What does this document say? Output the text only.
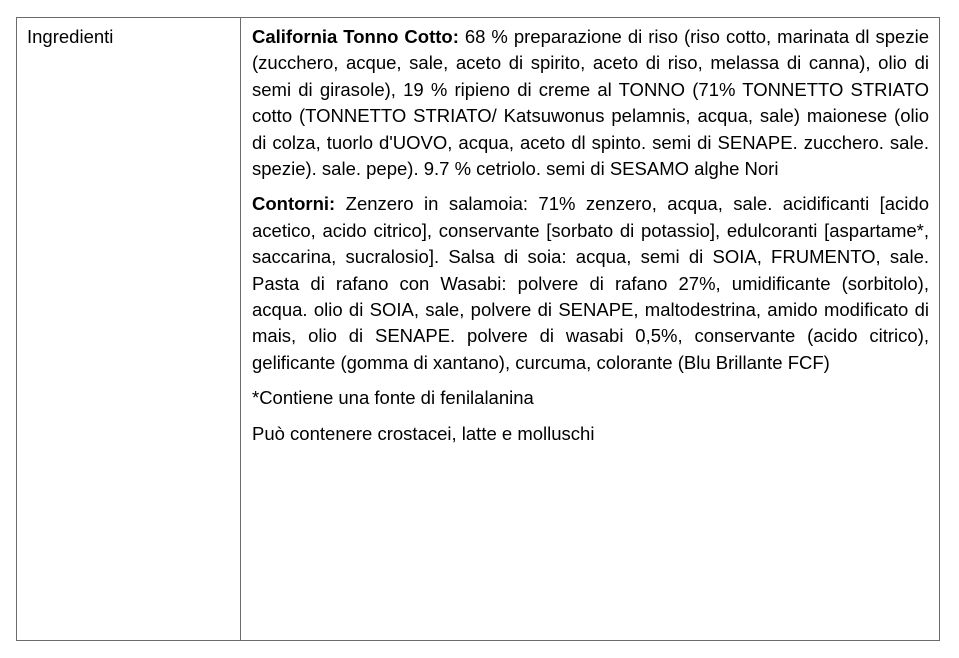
Ingredienti	California Tonno Cotto: 68 % preparazione di riso (riso cotto, marinata dl spezie (zucchero, acque, sale, aceto di spirito, aceto di riso, melassa di canna), olio di semi di girasole), 19 % ripieno di creme al TONNO (71% TONNETTO STRIATO cotto (TONNETTO STRIATO/ Katsuwonus pelamnis, acqua, sale) maionese (olio di colza, tuorlo d'UOVO, acqua, aceto dl spinto. semi di SENAPE. zucchero. sale. spezie). sale. pepe). 9.7 % cetriolo. semi di SESAMO alghe Nori

Contorni: Zenzero in salamoia: 71% zenzero, acqua, sale. acidificanti [acido acetico, acido citrico], conservante [sorbato di potassio], edulcoranti [aspartame*, saccarina, sucralosio]. Salsa di soia: acqua, semi di SOIA, FRUMENTO, sale. Pasta di rafano con Wasabi: polvere di rafano 27%, umidificante (sorbitolo), acqua. olio di SOIA, sale, polvere di SENAPE, maltodestrina, amido modificato di mais, olio di SENAPE. polvere di wasabi 0,5%, conservante (acido citrico), gelificante (gomma di xantano), curcuma, colorante (Blu Brillante FCF)

*Contiene una fonte di fenilalanina

Può contenere crostacei, latte e molluschi
